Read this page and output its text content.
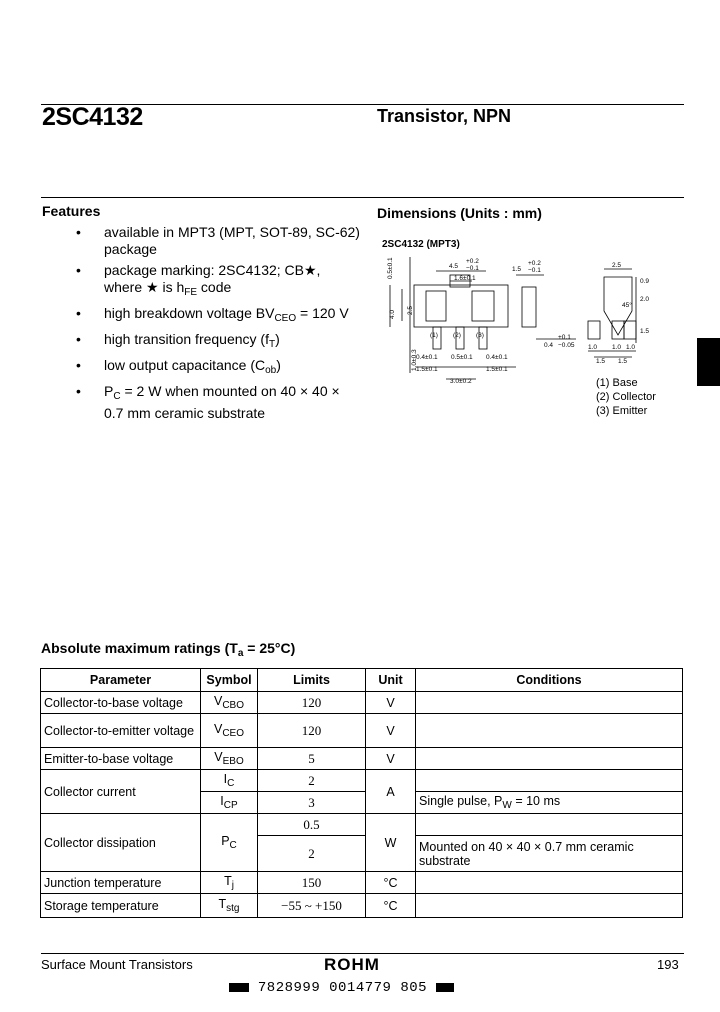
2SC4132	Transistor, NPN
Features
• available in MPT3 (MPT, SOT-89, SC-62) package
• package marking: 2SC4132; CB★, where ★ is $h_{FE}$ code
• high breakdown voltage $BV_{CEO} = 120$ V
• high transition frequency $(f_T)$
• low output capacitance $(C_{ob})$
• $P_C = 2$ W when mounted on 40 × 40 × 0.7 mm ceramic substrate
Dimensions (Units : mm)
2SC4132 (MPT3)
4.5
+0.2
−0.1
1.6±0.1
1.5
+0.2
−0.1
0.5±0.1
4.0 2.5
1.0±0.3
(1) (2) (3)
0.4±0.1 0.5±0.1 0.4±0.1
1.5±0.1	1.5±0.1
3.0±0.2
0.4
+0.1
−0.05
2.5
0.9
2.0
1.5
45°
1.0 1.0 1.0
1.5 1.5
(1) Base
(2) Collector
(3) Emitter
Absolute maximum ratings $(T_a = 25^\circ C)$
Parameter	Symbol	Limits	Unit	Conditions
Collector-to-base voltage	$V_{CBO}$	120	V	
Collector-to-emitter voltage	$V_{CEO}$	120	V	
Emitter-to-base voltage	$V_{EBO}$	5	V	
Collector current	$I_C$	2	A	
	$I_{CP}$	3		Single pulse, $P_W = 10$ ms
Collector dissipation	$P_C$	0.5	W	
		2		Mounted on 40 × 40 × 0.7 mm ceramic substrate
Junction temperature	$T_j$	150	°C	
Storage temperature	$T_{stg}$	−55 ~ +150	°C	
Surface Mount Transistors	ROHM	193
7828999 0014779 805
